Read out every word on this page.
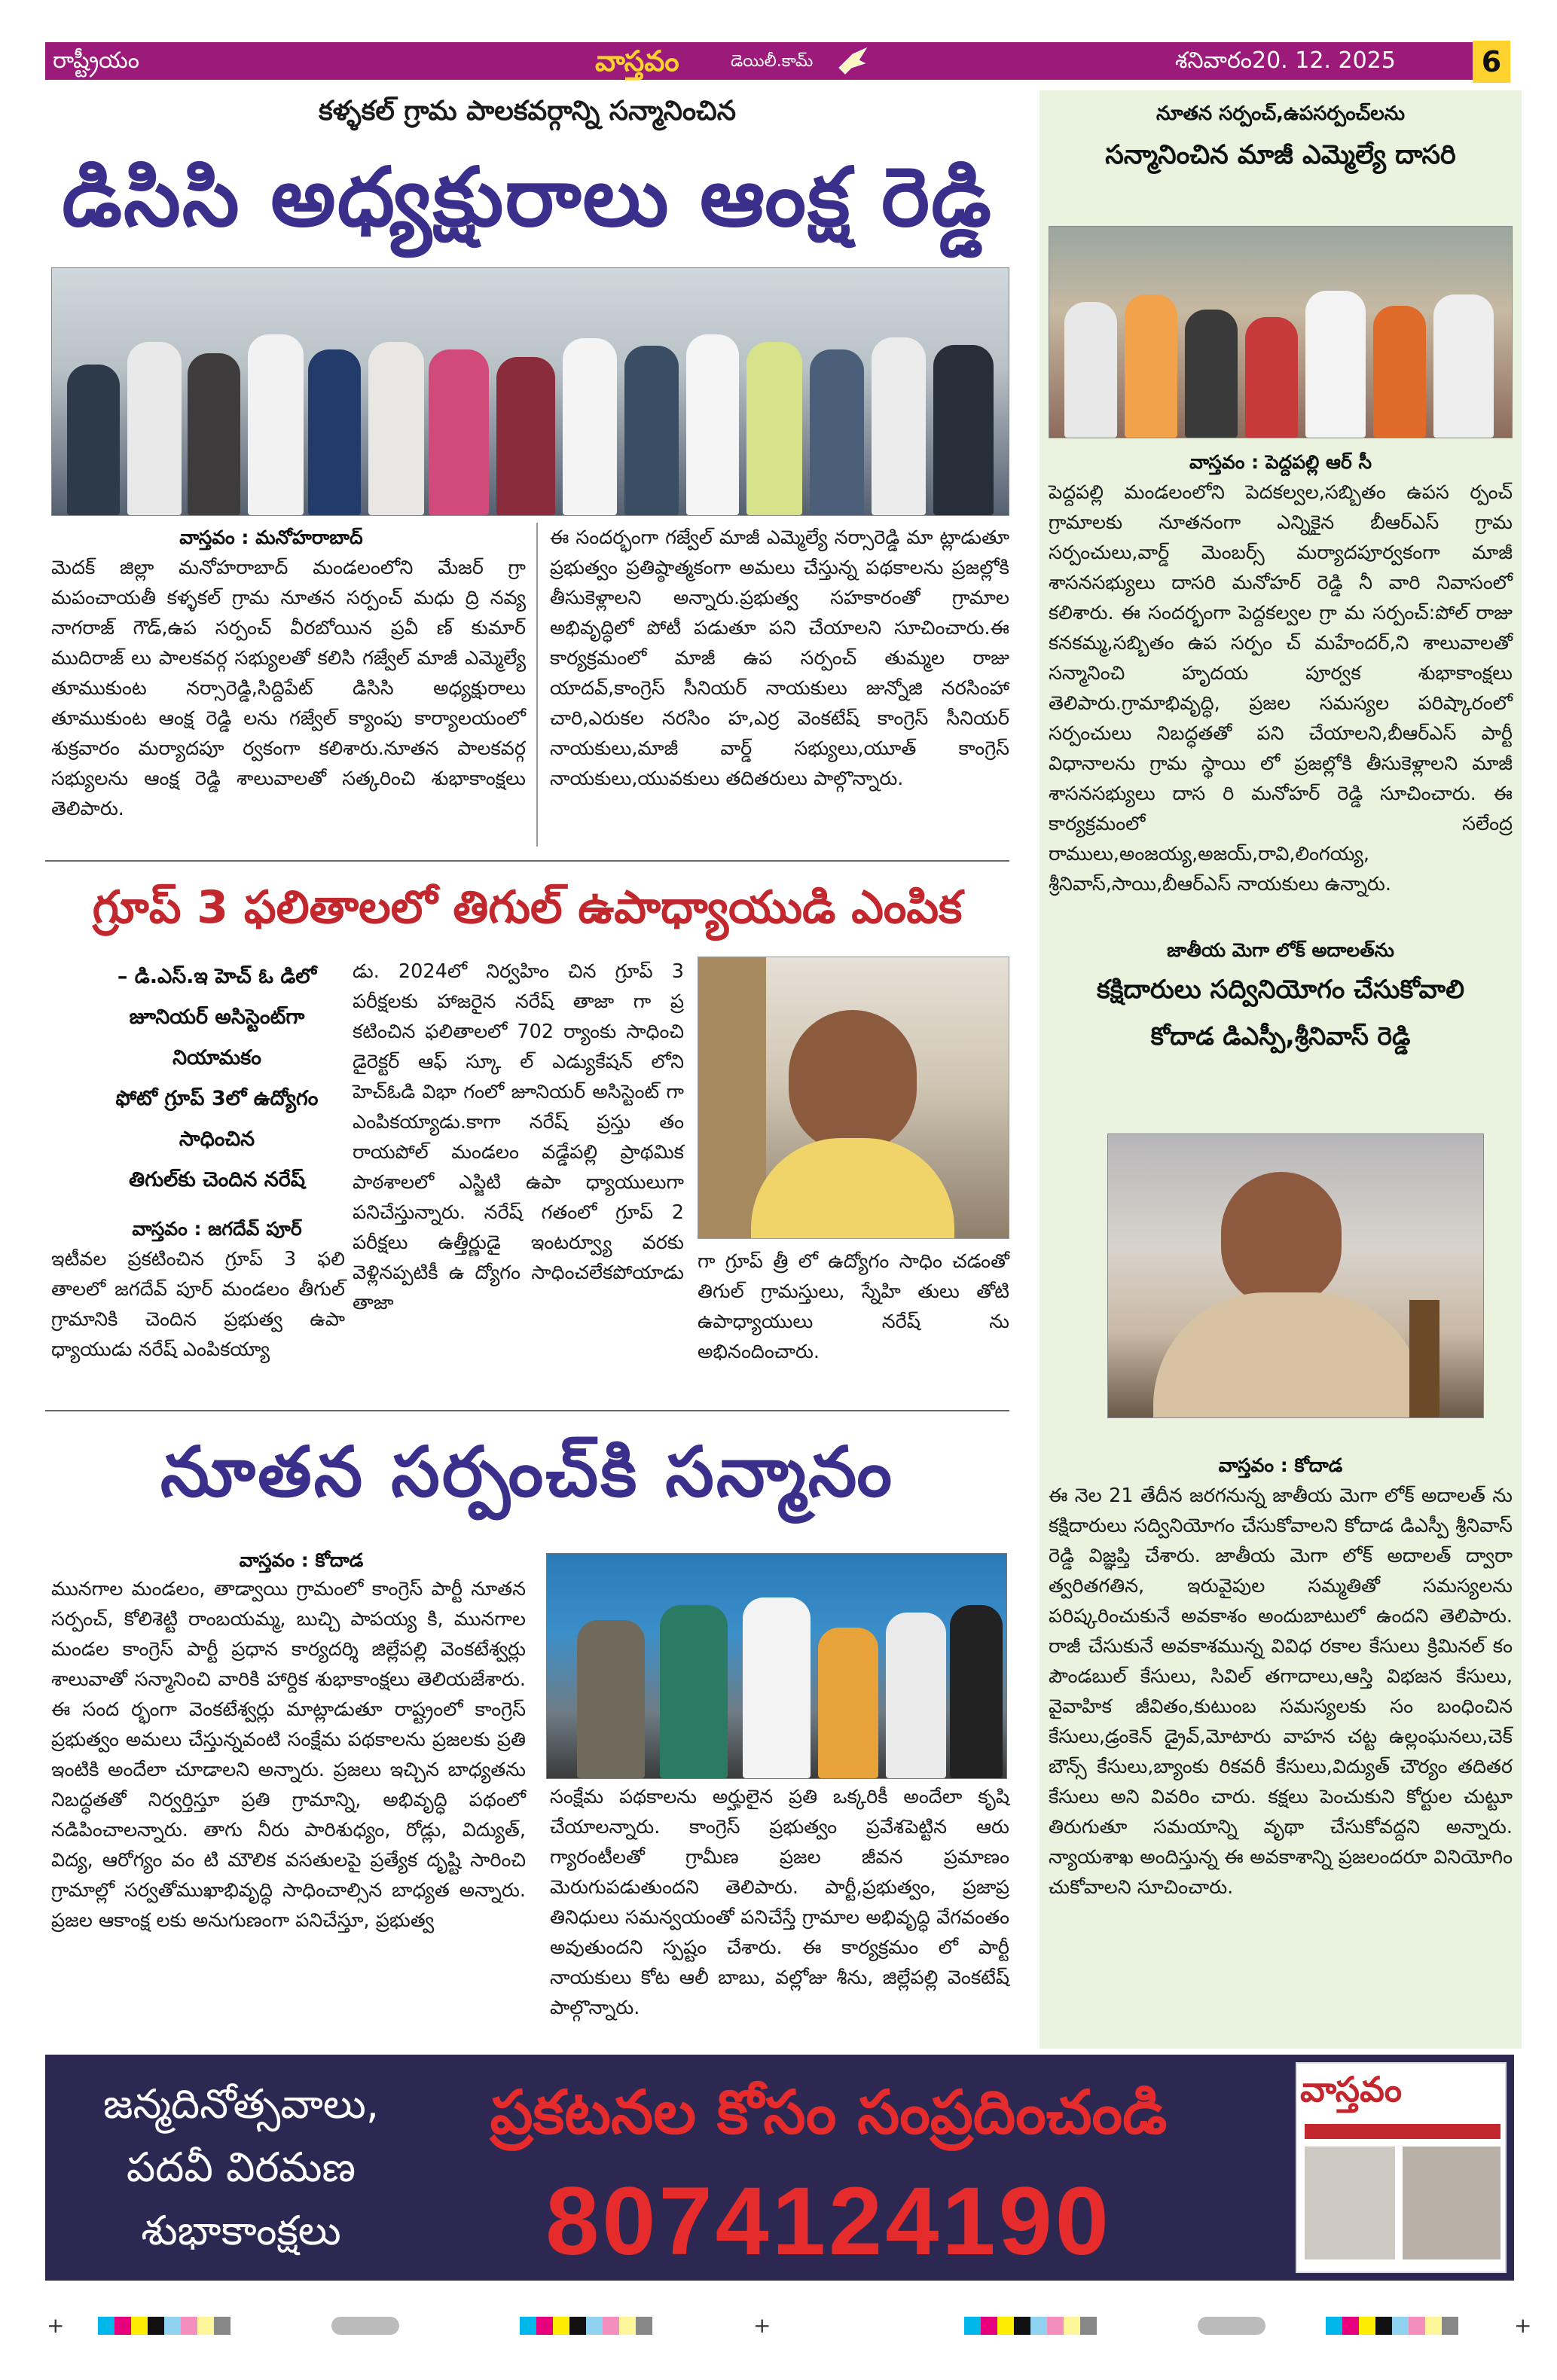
రాష్ట్రీయం	వాస్తవం	డెయిలీ.కామ్	శనివారం20. 12. 2025	6
కళ్ళకల్ గ్రామ పాలకవర్గాన్ని సన్మానించిన
డిసిసి అధ్యక్షురాలు ఆంక్ష రెడ్డి
వాస్తవం : మనోహరాబాద్

మెదక్ జిల్లా మనోహరాబాద్ మండలంలోని మేజర్ గ్రా మపంచాయతీ కళ్ళకల్ గ్రామ నూతన సర్పంచ్ మధు ద్రి నవ్య నాగరాజ్ గౌడ్,ఉప సర్పంచ్ వీరబోయిన ప్రవీ ణ్ కుమార్ ముదిరాజ్ లు పాలకవర్గ సభ్యులతో కలిసి గజ్వేల్ మాజీ ఎమ్మెల్యే తూముకుంట నర్సారెడ్డి,సిద్దిపేట్ డిసిసి అధ్యక్షురాలు తూముకుంట ఆంక్ష రెడ్డి లను గజ్వేల్ క్యాంపు కార్యాలయంలో శుక్రవారం మర్యాదపూ ర్వకంగా కలిశారు.నూతన పాలకవర్గ సభ్యులను ఆంక్ష రెడ్డి శాలువాలతో సత్కరించి శుభాకాంక్షలు తెలిపారు.

ఈ సందర్భంగా గజ్వేల్ మాజీ ఎమ్మెల్యే నర్సారెడ్డి మా ట్లాడుతూ ప్రభుత్వం ప్రతిష్ఠాత్మకంగా అమలు చేస్తున్న పథకాలను ప్రజల్లోకి తీసుకెళ్లాలని అన్నారు.ప్రభుత్వ సహకారంతో గ్రామాల అభివృద్ధిలో పోటీ పడుతూ పని చేయాలని సూచించారు.ఈ కార్యక్రమంలో మాజీ ఉప సర్పంచ్ తుమ్మల రాజు యాదవ్,కాంగ్రెస్ సీనియర్ నాయకులు జున్నోజి నరసింహా చారి,ఎరుకల నరసిం హ,ఎర్ర వెంకటేష్ కాంగ్రెస్ సీనియర్ నాయకులు,మాజీ వార్డ్ సభ్యులు,యూత్ కాంగ్రెస్ నాయకులు,యువకులు తదితరులు పాల్గొన్నారు.

గ్రూప్ 3 ఫలితాలలో తిగుల్ ఉపాధ్యాయుడి ఎంపిక
– డి.ఎస్.ఇ హెచ్ ఓ డిలో
జూనియర్ అసిస్టెంట్‌గా
నియామకం
ఫోటో గ్రూప్ 3లో ఉద్యోగం
సాధించిన
తిగుల్‌కు చెందిన నరేష్
వాస్తవం : జగదేవ్ పూర్

ఇటీవల ప్రకటించిన గ్రూప్ 3 ఫలి తాలలో జగదేవ్ పూర్ మండలం తీగుల్ గ్రామానికి చెందిన ప్రభుత్వ ఉపా ధ్యాయుడు నరేష్ ఎంపికయ్యా

డు. 2024లో నిర్వహిం చిన గ్రూప్ 3 పరీక్షలకు హాజరైన నరేష్ తాజా గా ప్ర కటించిన ఫలితాలలో 702 ర్యాంకు సాధించి డైరెక్టర్ ఆఫ్ స్కూ ల్ ఎడ్యుకేషన్ లోని హెచ్ఓడి విభా గంలో జూనియర్ అసిస్టెంట్ గా ఎంపికయ్యాడు.కాగా నరేష్ ప్రస్తు తం రాయపోల్ మండలం వడ్డేపల్లి ప్రాథమిక పాఠశాలలో ఎస్జిటి ఉపా ధ్యాయులుగా పనిచేస్తున్నారు. నరేష్ గతంలో గ్రూప్ 2 పరీక్షలు ఉత్తీర్ణుడై ఇంటర్వ్యూ వరకు వెళ్లినప్పటికీ ఉ ద్యోగం సాధించలేకపోయాడు తాజా

గా గ్రూప్ త్రీ లో ఉద్యోగం సాధిం చడంతో తిగుల్ గ్రామస్తులు, స్నేహి తులు తోటి ఉపాధ్యాయులు నరేష్ ను అభినందించారు.

నూతన సర్పంచ్‌కి సన్మానం
వాస్తవం : కోదాడ

మునగాల మండలం, తాడ్వాయి గ్రామంలో కాంగ్రెస్ పార్టీ నూతన సర్పంచ్, కోలిశెట్టి రాంబయమ్మ, బుచ్చి పాపయ్య కి, మునగాల మండల కాంగ్రెస్ పార్టీ ప్రధాన కార్యదర్శి జిల్లేపల్లి వెంకటేశ్వర్లు శాలువాతో సన్మానించి వారికి హార్దిక శుభాకాంక్షలు తెలియజేశారు. ఈ సంద ర్భంగా వెంకటేశ్వర్లు మాట్లాడుతూ రాష్ట్రంలో కాంగ్రెస్ ప్రభుత్వం అమలు చేస్తున్నవంటి సంక్షేమ పథకాలను ప్రజలకు ప్రతి ఇంటికి అందేలా చూడాలని అన్నారు. ప్రజలు ఇచ్చిన బాధ్యతను నిబద్ధతతో నిర్వర్తిస్తూ ప్రతి గ్రామాన్ని, అభివృద్ధి పథంలో నడిపించాలన్నారు. తాగు నీరు పారిశుధ్యం, రోడ్లు, విద్యుత్, విద్య, ఆరోగ్యం వం టి మౌలిక వసతులపై ప్రత్యేక దృష్టి సారించి గ్రామాల్లో సర్వతోముఖాభివృద్ధి సాధించాల్సిన బాధ్యత అన్నారు. ప్రజల ఆకాంక్ష లకు అనుగుణంగా పనిచేస్తూ, ప్రభుత్వ

సంక్షేమ పథకాలను అర్హులైన ప్రతి ఒక్కరికీ అందేలా కృషి చేయాలన్నారు. కాంగ్రెస్ ప్రభుత్వం ప్రవేశపెట్టిన ఆరు గ్యారంటీలతో గ్రామీణ ప్రజల జీవన ప్రమాణం మెరుగుపడుతుందని తెలిపారు. పార్టీ,ప్రభుత్వం, ప్రజాప్ర తినిధులు సమన్వయంతో పనిచేస్తే గ్రామాల అభివృద్ధి వేగవంతం అవుతుందని స్పష్టం చేశారు. ఈ కార్యక్రమం లో పార్టీ నాయకులు కోట ఆలీ బాబు, వల్లోజు శీను, జిల్లేపల్లి వెంకటేష్ పాల్గొన్నారు.

నూతన సర్పంచ్,ఉపసర్పంచ్‌లను
సన్మానించిన మాజీ ఎమ్మెల్యే దాసరి
వాస్తవం : పెద్దపల్లి ఆర్ సీ

పెద్దపల్లి మండలంలోని పెదకల్వల,సబ్బితం ఉపస ర్పంచ్ గ్రామాలకు నూతనంగా ఎన్నికైన బీఆర్ఎస్ గ్రామ సర్పంచులు,వార్డ్ మెంబర్స్ మర్యాదపూర్వకంగా మాజీ శాసనసభ్యులు దాసరి మనోహర్ రెడ్డి నీ వారి నివాసంలో కలిశారు. ఈ సందర్భంగా పెద్దకల్వల గ్రా మ సర్పంచ్:పోల్ రాజు కనకమ్మ,సబ్బితం ఉప సర్పం చ్ మహేందర్,ని శాలువాలతో సన్మానించి హృదయ పూర్వక శుభాకాంక్షలు తెలిపారు.గ్రామాభివృద్ధి, ప్రజల సమస్యల పరిష్కారంలో సర్పంచులు నిబద్ధతతో పని చేయాలని,బీఆర్ఎస్ పార్టీ విధానాలను గ్రామ స్థాయి లో ప్రజల్లోకి తీసుకెళ్లాలని మాజీ శాసనసభ్యులు దాస రి మనోహర్ రెడ్డి సూచించారు. ఈ కార్యక్రమంలో సలేంద్ర రాములు,అంజయ్య,అజయ్,రావి,లింగయ్య, శ్రీనివాస్,సాయి,బీఆర్ఎస్ నాయకులు ఉన్నారు.

జాతీయ మెగా లోక్ అదాలత్‌ను
కక్షిదారులు సద్వినియోగం చేసుకోవాలి
కోదాడ డిఎస్పీ,శ్రీనివాస్ రెడ్డి
వాస్తవం : కోదాడ

ఈ నెల 21 తేదీన జరగనున్న జాతీయ మెగా లోక్ అదాలత్ ను కక్షిదారులు సద్వినియోగం చేసుకోవాలని కోదాడ డిఎస్పీ శ్రీనివాస్ రెడ్డి విజ్ఞప్తి చేశారు. జాతీయ మెగా లోక్ అదాలత్ ద్వారా త్వరితగతిన, ఇరువైపుల సమ్మతితో సమస్యలను పరిష్కరించుకునే అవకాశం అందుబాటులో ఉందని తెలిపారు. రాజీ చేసుకునే అవకాశమున్న వివిధ రకాల కేసులు క్రిమినల్ కం పౌండబుల్ కేసులు, సివిల్ తగాదాలు,ఆస్తి విభజన కేసులు, వైవాహిక జీవితం,కుటుంబ సమస్యలకు సం బంధించిన కేసులు,డ్రంకెన్ డ్రైవ్,మోటారు వాహన చట్ట ఉల్లంఘనలు,చెక్ బౌన్స్ కేసులు,బ్యాంకు రికవరీ కేసులు,విద్యుత్ చౌర్యం తదితర కేసులు అని వివరిం చారు. కక్షలు పెంచుకుని కోర్టుల చుట్టూ తిరుగుతూ సమయాన్ని వృథా చేసుకోవద్దని అన్నారు. న్యాయశాఖ అందిస్తున్న ఈ అవకాశాన్ని ప్రజలందరూ వినియోగిం చుకోవాలని సూచించారు.

జన్మదినోత్సవాలు,
పదవీ విరమణ
శుభాకాంక్షలు
ప్రకటనల కోసం సంప్రదించండి
8074124190
వాస్తవం
+	+	+
